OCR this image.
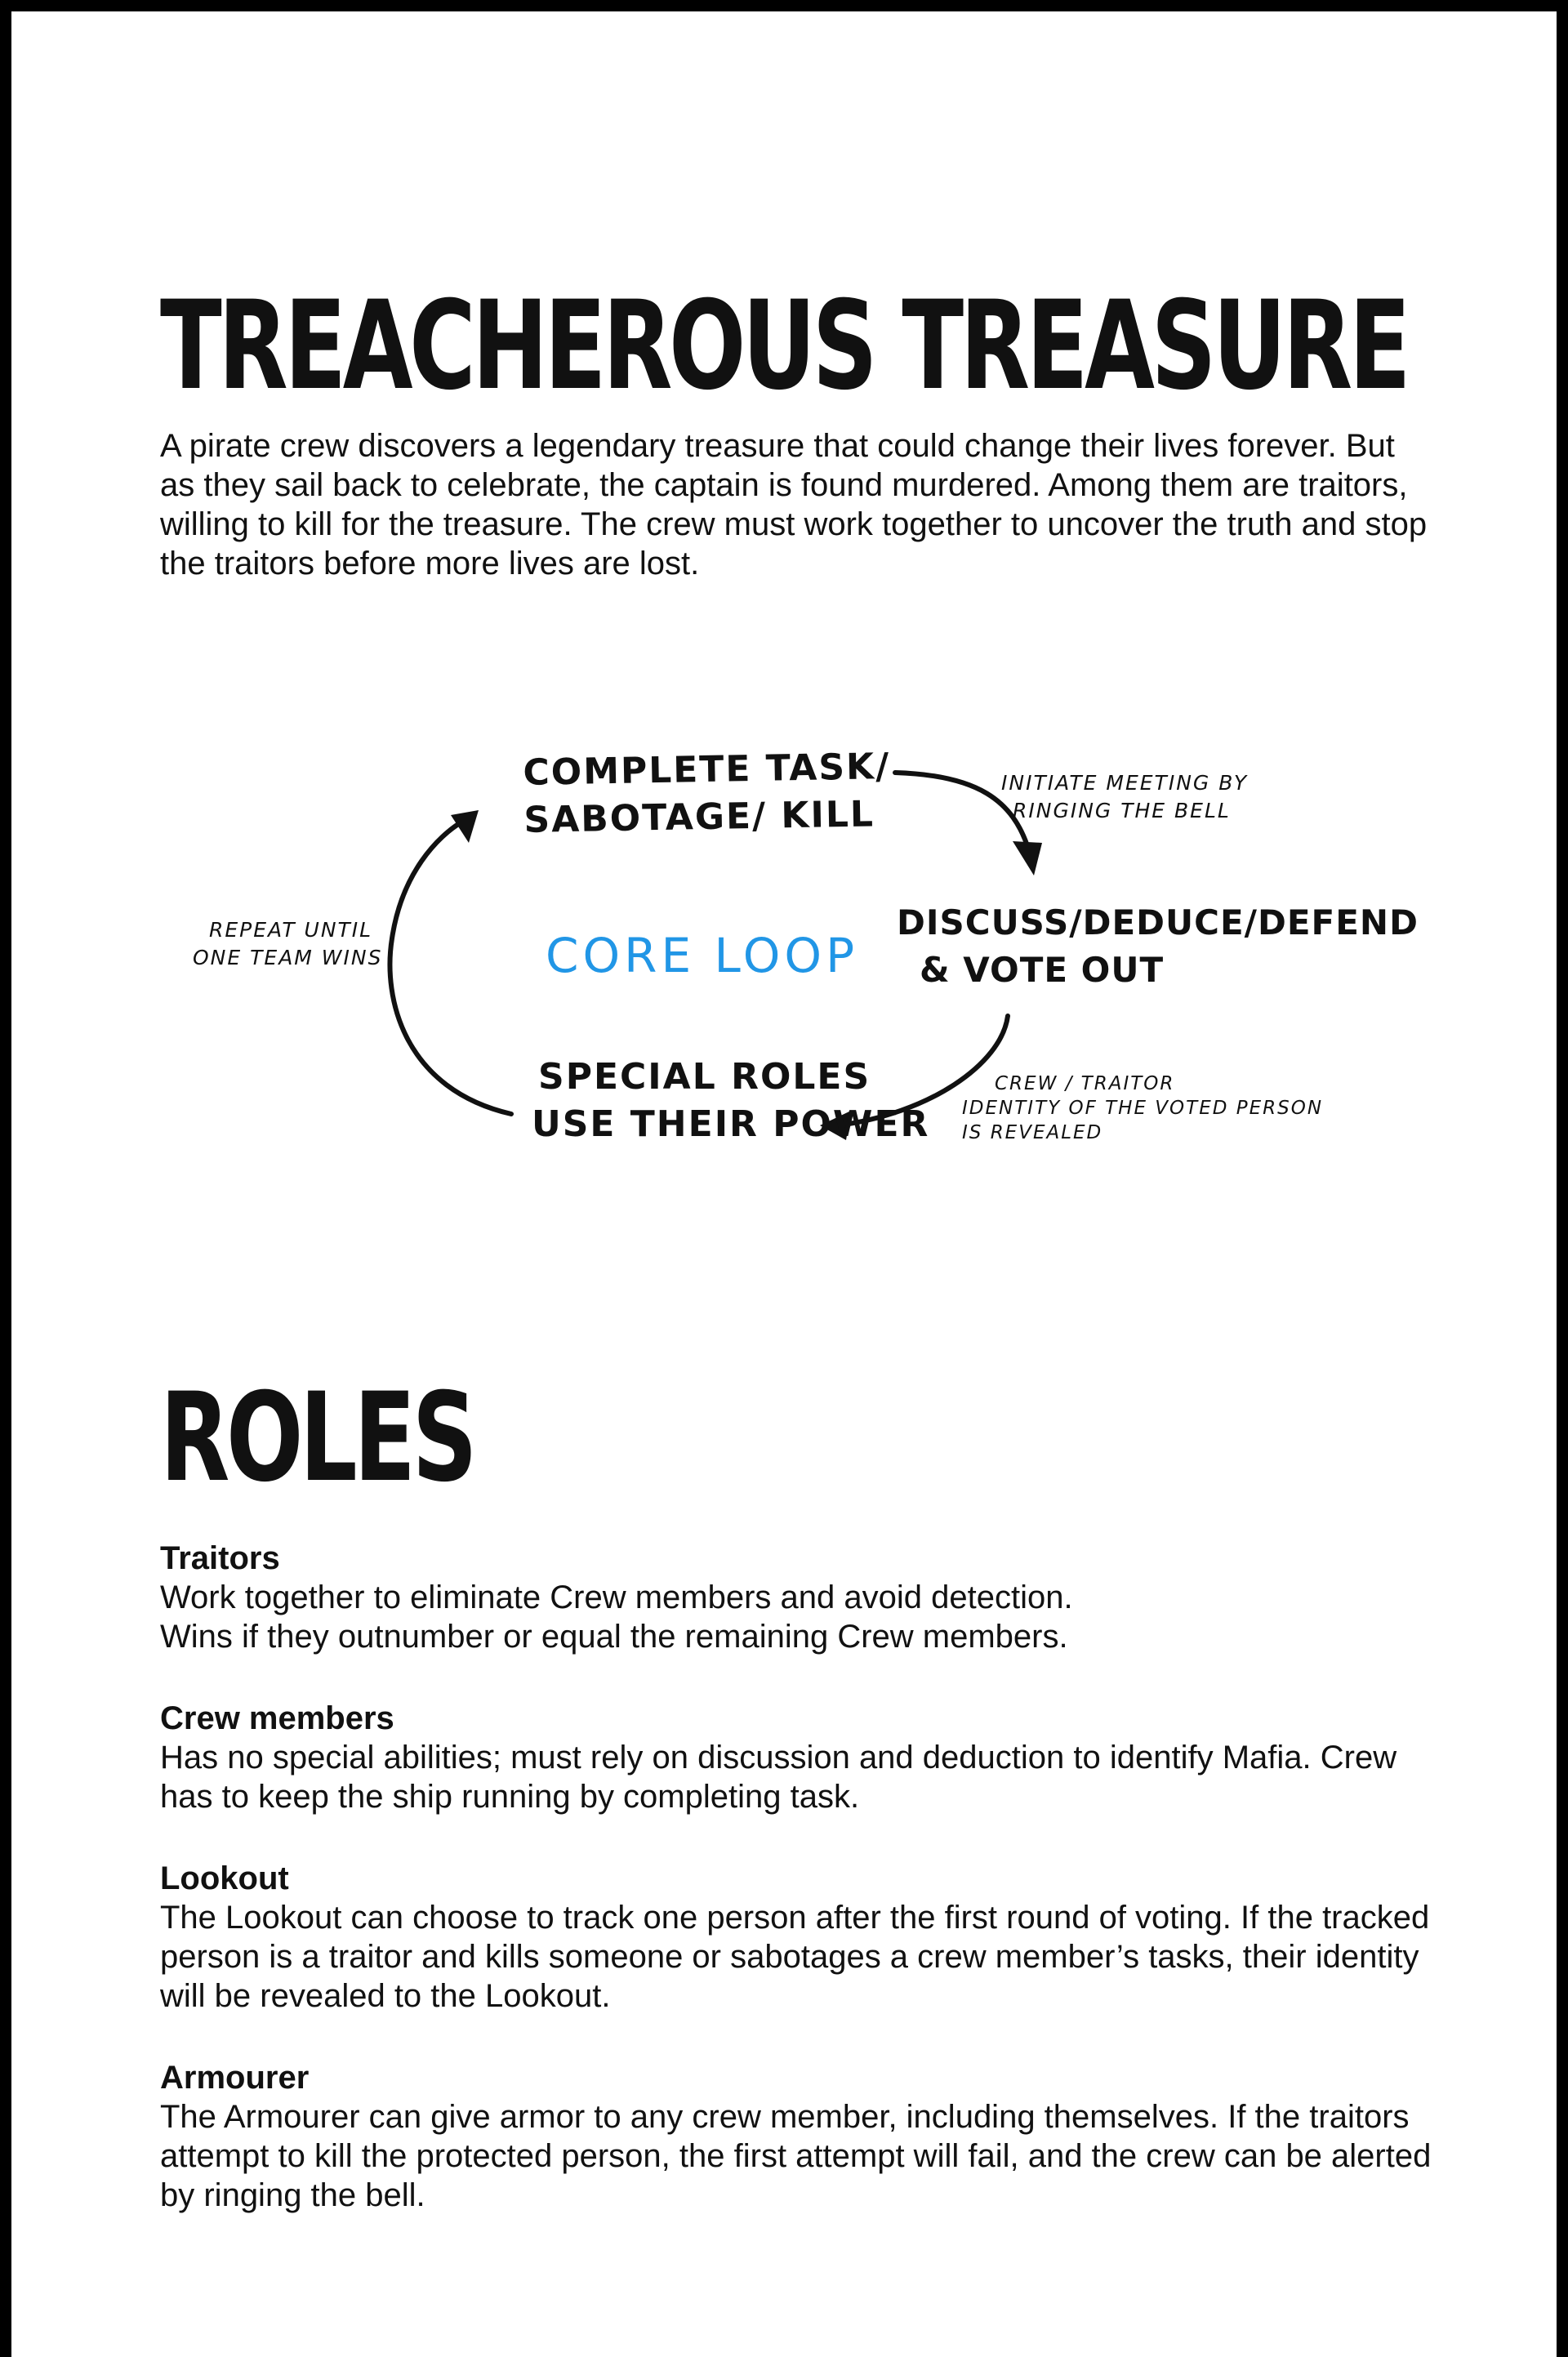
TREACHEROUS TREASURE

A pirate crew discovers a legendary treasure that could change their lives forever. But as they sail back to celebrate, the captain is found murdered. Among them are traitors, willing to kill for the treasure. The crew must work together to uncover the truth and stop the traitors before more lives are lost.

COMPLETE TASK/
SABOTAGE/ KILL
INITIATE MEETING BY
RINGING THE BELL
REPEAT UNTIL
ONE TEAM WINS	CORE LOOP
DISCUSS/DEDUCE/DEFEND
& VOTE OUT
SPECIAL ROLES
USE THEIR POWER
CREW / TRAITOR
IDENTITY OF THE VOTED PERSON
IS REVEALED
ROLES
Traitors
Work together to eliminate Crew members and avoid detection.
Wins if they outnumber or equal the remaining Crew members.
Crew members
Has no special abilities; must rely on discussion and deduction to identify Mafia. Crew has to keep the ship running by completing task.
Lookout
The Lookout can choose to track one person after the first round of voting. If the tracked person is a traitor and kills someone or sabotages a crew member’s tasks, their identity will be revealed to the Lookout.
Armourer
The Armourer can give armor to any crew member, including themselves. If the traitors attempt to kill the protected person, the first attempt will fail, and the crew can be alerted by ringing the bell.
